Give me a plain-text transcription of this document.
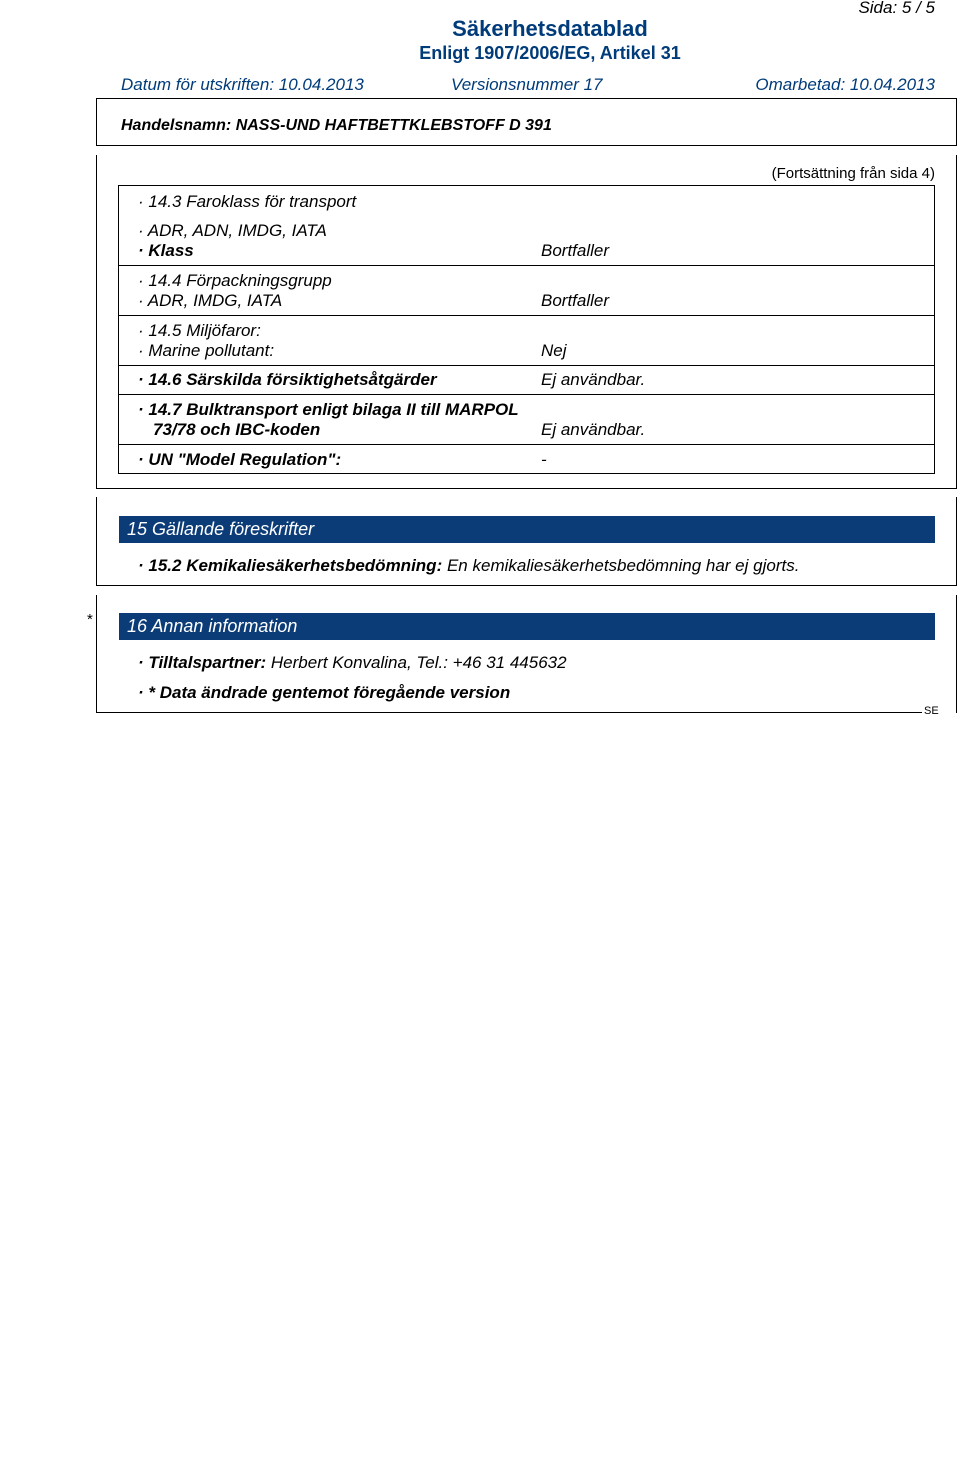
Sida: 5 / 5
Säkerhetsdatablad
Enligt 1907/2006/EG, Artikel 31
Datum för utskriften: 10.04.2013	Versionsnummer 17	Omarbetad: 10.04.2013
Handelsnamn: NASS-UND HAFTBETTKLEBSTOFF D 391
(Fortsättning från sida 4)
· 14.3 Faroklass för transport
· ADR, ADN, IMDG, IATA
· Klass	Bortfaller
· 14.4 Förpackningsgrupp
· ADR, IMDG, IATA	Bortfaller
· 14.5 Miljöfaror:
· Marine pollutant:	Nej
· 14.6 Särskilda försiktighetsåtgärder	Ej användbar.
· 14.7 Bulktransport enligt bilaga II till MARPOL
73/78 och IBC-koden	Ej användbar.
· UN "Model Regulation":	-
15 Gällande föreskrifter
· 15.2 Kemikaliesäkerhetsbedömning: En kemikaliesäkerhetsbedömning har ej gjorts.
*	16 Annan information
· Tilltalspartner: Herbert Konvalina, Tel.: +46 31 445632
· * Data ändrade gentemot föregående version
SE
